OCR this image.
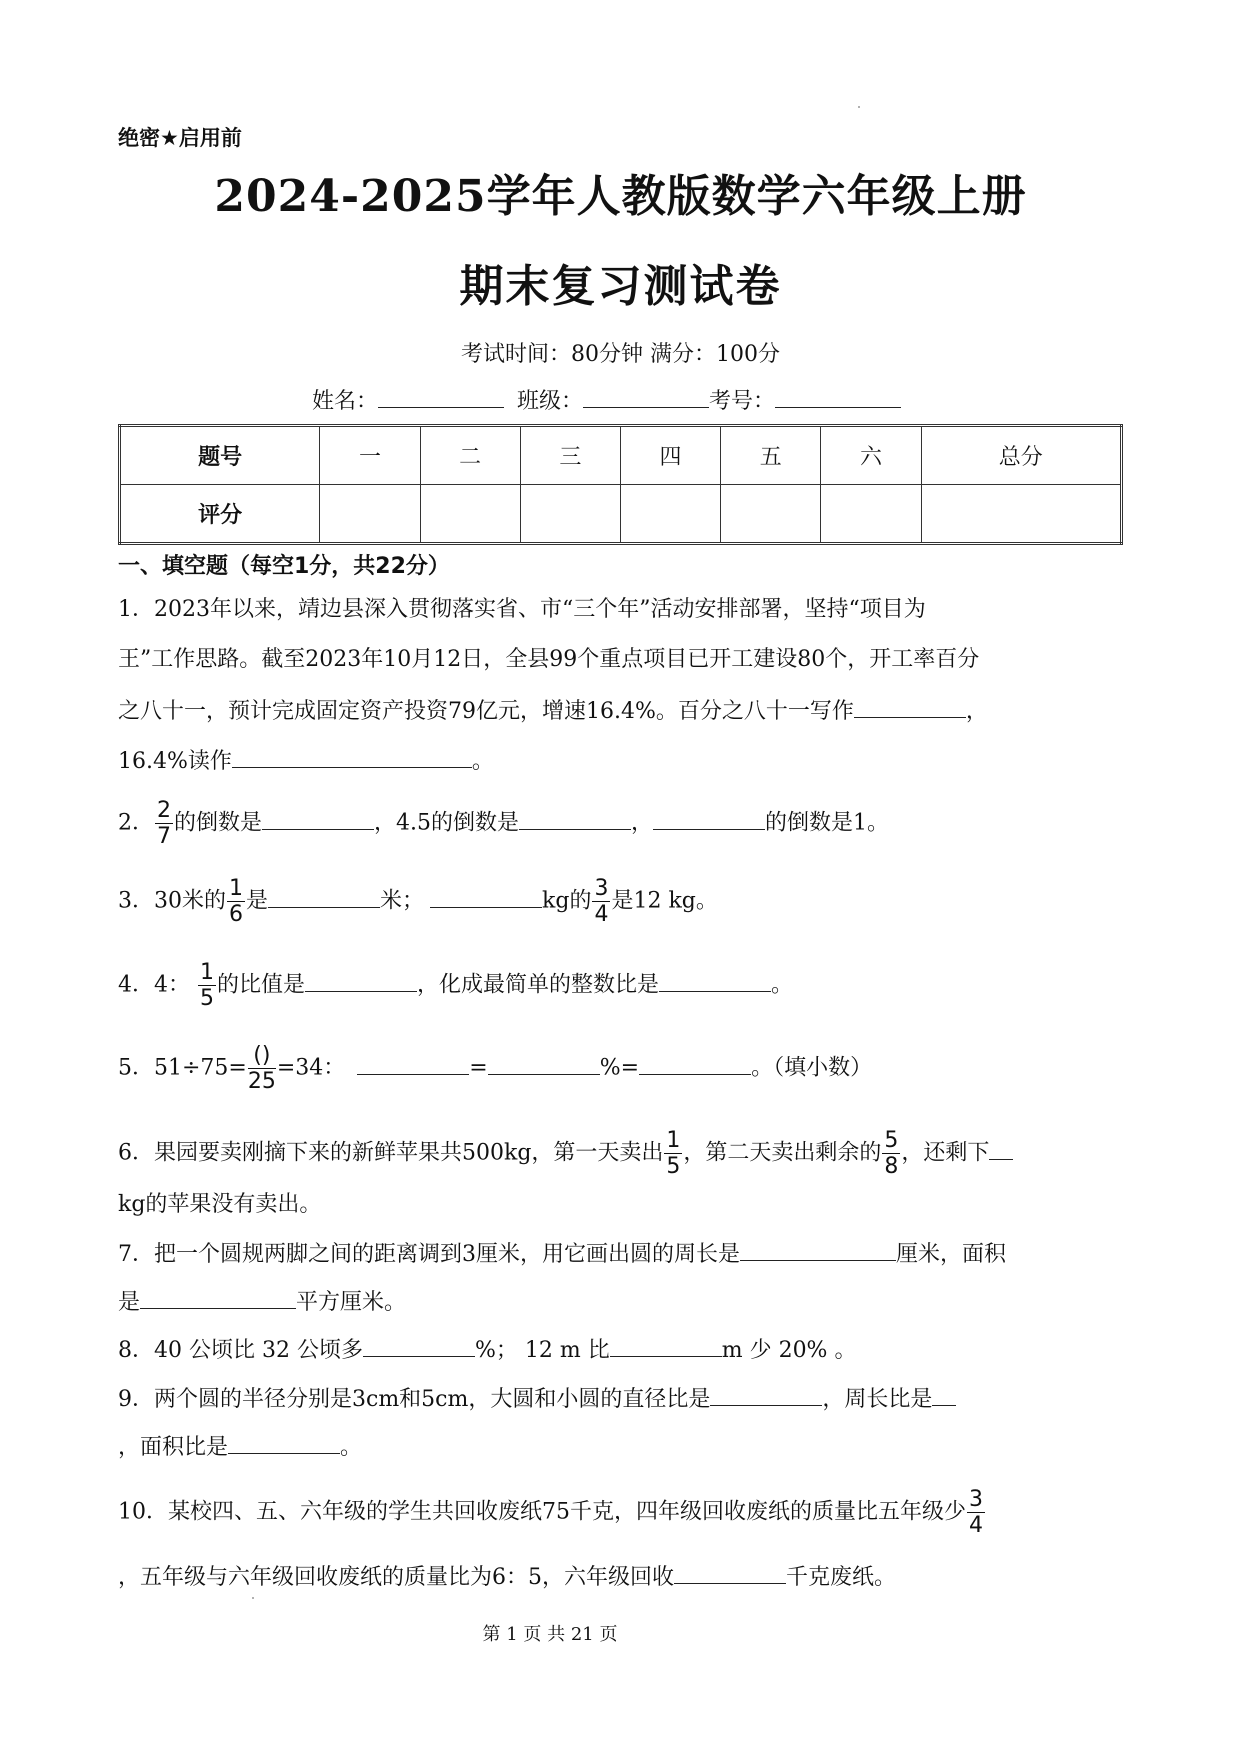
绝密★启用前
2024-2025学年人教版数学六年级上册
期末复习测试卷
考试时间：80分钟 满分：100分
姓名：	班级：	考号：
题号	一	二	三	四	五	六	总分
评分							
一、填空题（每空1分，共22分）
1．2023年以来，靖边县深入贯彻落实省、市“三个年”活动安排部署，坚持“项目为
王”工作思路。截至2023年10月12日，全县99个重点项目已开工建设80个，开工率百分
之八十一，预计完成固定资产投资79亿元，增速16.4%。百分之八十一写作	，
16.4%读作	。
2． $\frac{2}{7}$ 的倒数是	，4.5的倒数是	，	的倒数是1。
3．30米的 $\frac{1}{6}$ 是	米；	kg的 $\frac{3}{4}$ 是12 kg。
4．4： $\frac{1}{5}$ 的比值是	，化成最简单的整数比是	。
5．$51\div 75= \frac{()}{25} =34$：	=	%=	。（填小数）
6．果园要卖刚摘下来的新鲜苹果共500kg，第一天卖出 $\frac{1}{5}$ ，第二天卖出剩余的 $\frac{5}{8}$ ，还剩下
kg的苹果没有卖出。
7．把一个圆规两脚之间的距离调到3厘米，用它画出圆的周长是	厘米，面积
是	平方厘米。
8．40 公顷比 32 公顷多	%； 12 m 比	m 少 20% 。
9．两个圆的半径分别是3cm和5cm，大圆和小圆的直径比是	，周长比是
，面积比是	。
10．某校四、五、六年级的学生共回收废纸75千克，四年级回收废纸的质量比五年级少 $\frac{3}{4}$
，五年级与六年级回收废纸的质量比为6：5，六年级回收	千克废纸。
第 1 页 共 21 页
